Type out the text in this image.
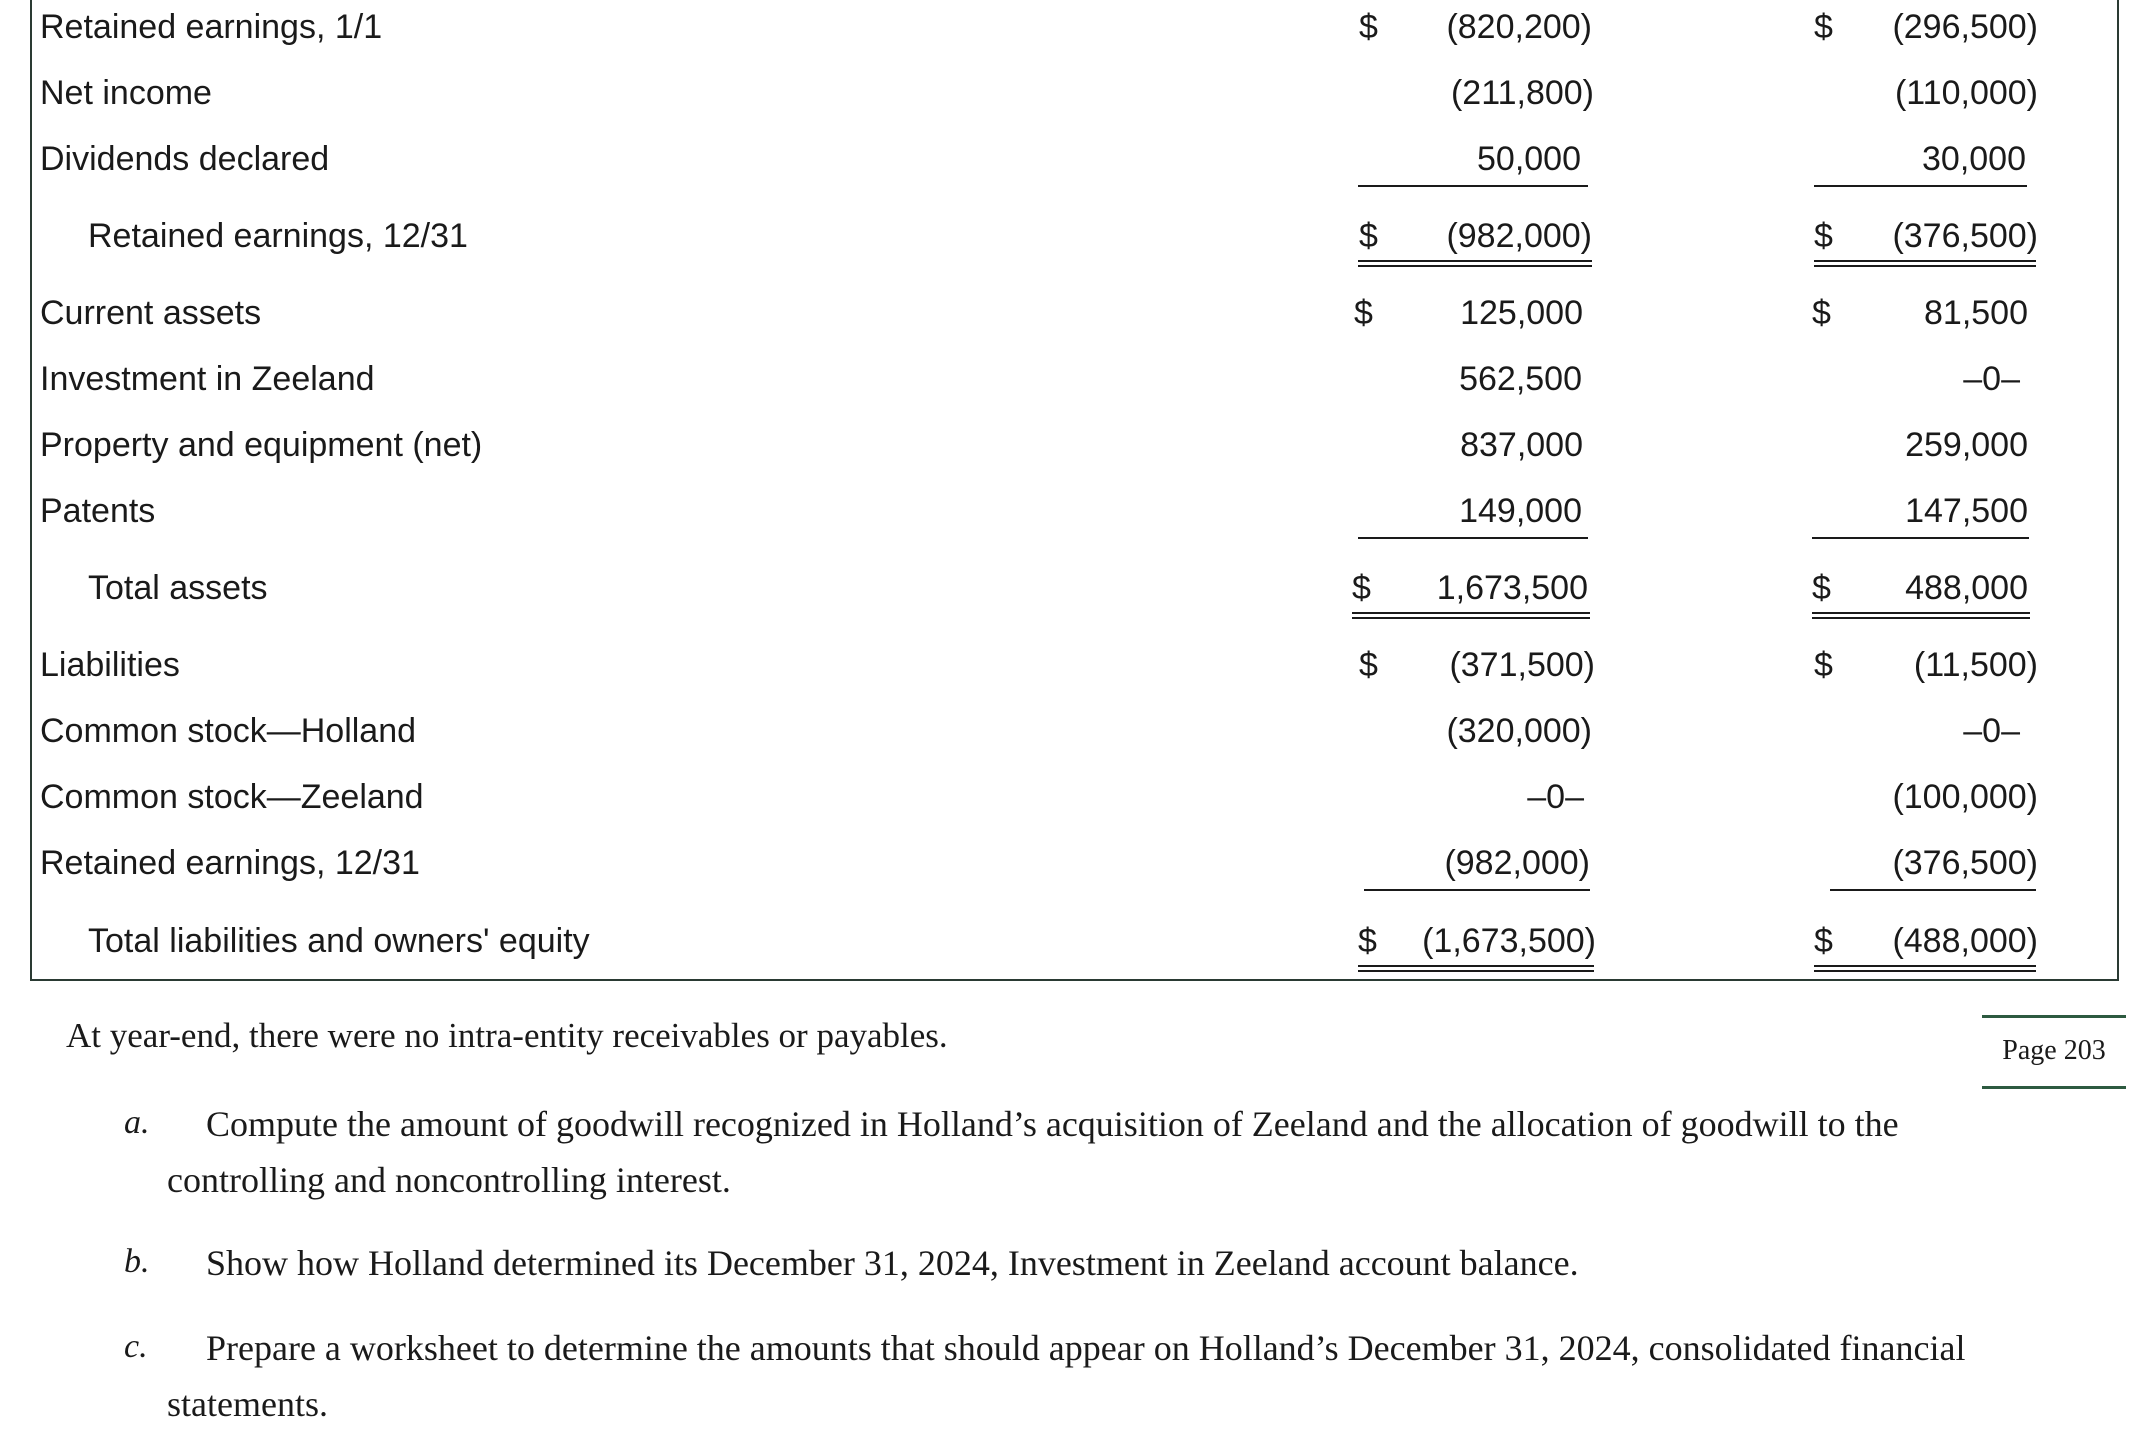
Retained earnings, 1/1	$	(820,200)	$	(296,500)
Net income	(211,800)	(110,000)
Dividends declared	50,000	30,000
Retained earnings, 12/31	$	(982,000)	$	(376,500)
Current assets	$	125,000	$	81,500
Investment in Zeeland	562,500	–0–
Property and equipment (net)	837,000	259,000
Patents	149,000	147,500
Total assets	$	1,673,500	$	488,000
Liabilities	$	(371,500)	$	(11,500)
Common stock—Holland	(320,000)	–0–
Common stock—Zeeland	–0–	(100,000)
Retained earnings, 12/31	(982,000)	(376,500)
Total liabilities and owners' equity	$	(1,673,500)	$	(488,000)
At year-end, there were no intra-entity receivables or payables.	Page 203
a. Compute the amount of goodwill recognized in Holland’s acquisition of Zeeland and the allocation of goodwill to the
controlling and noncontrolling interest.
b. Show how Holland determined its December 31, 2024, Investment in Zeeland account balance.
c. Prepare a worksheet to determine the amounts that should appear on Holland’s December 31, 2024, consolidated financial
statements.
